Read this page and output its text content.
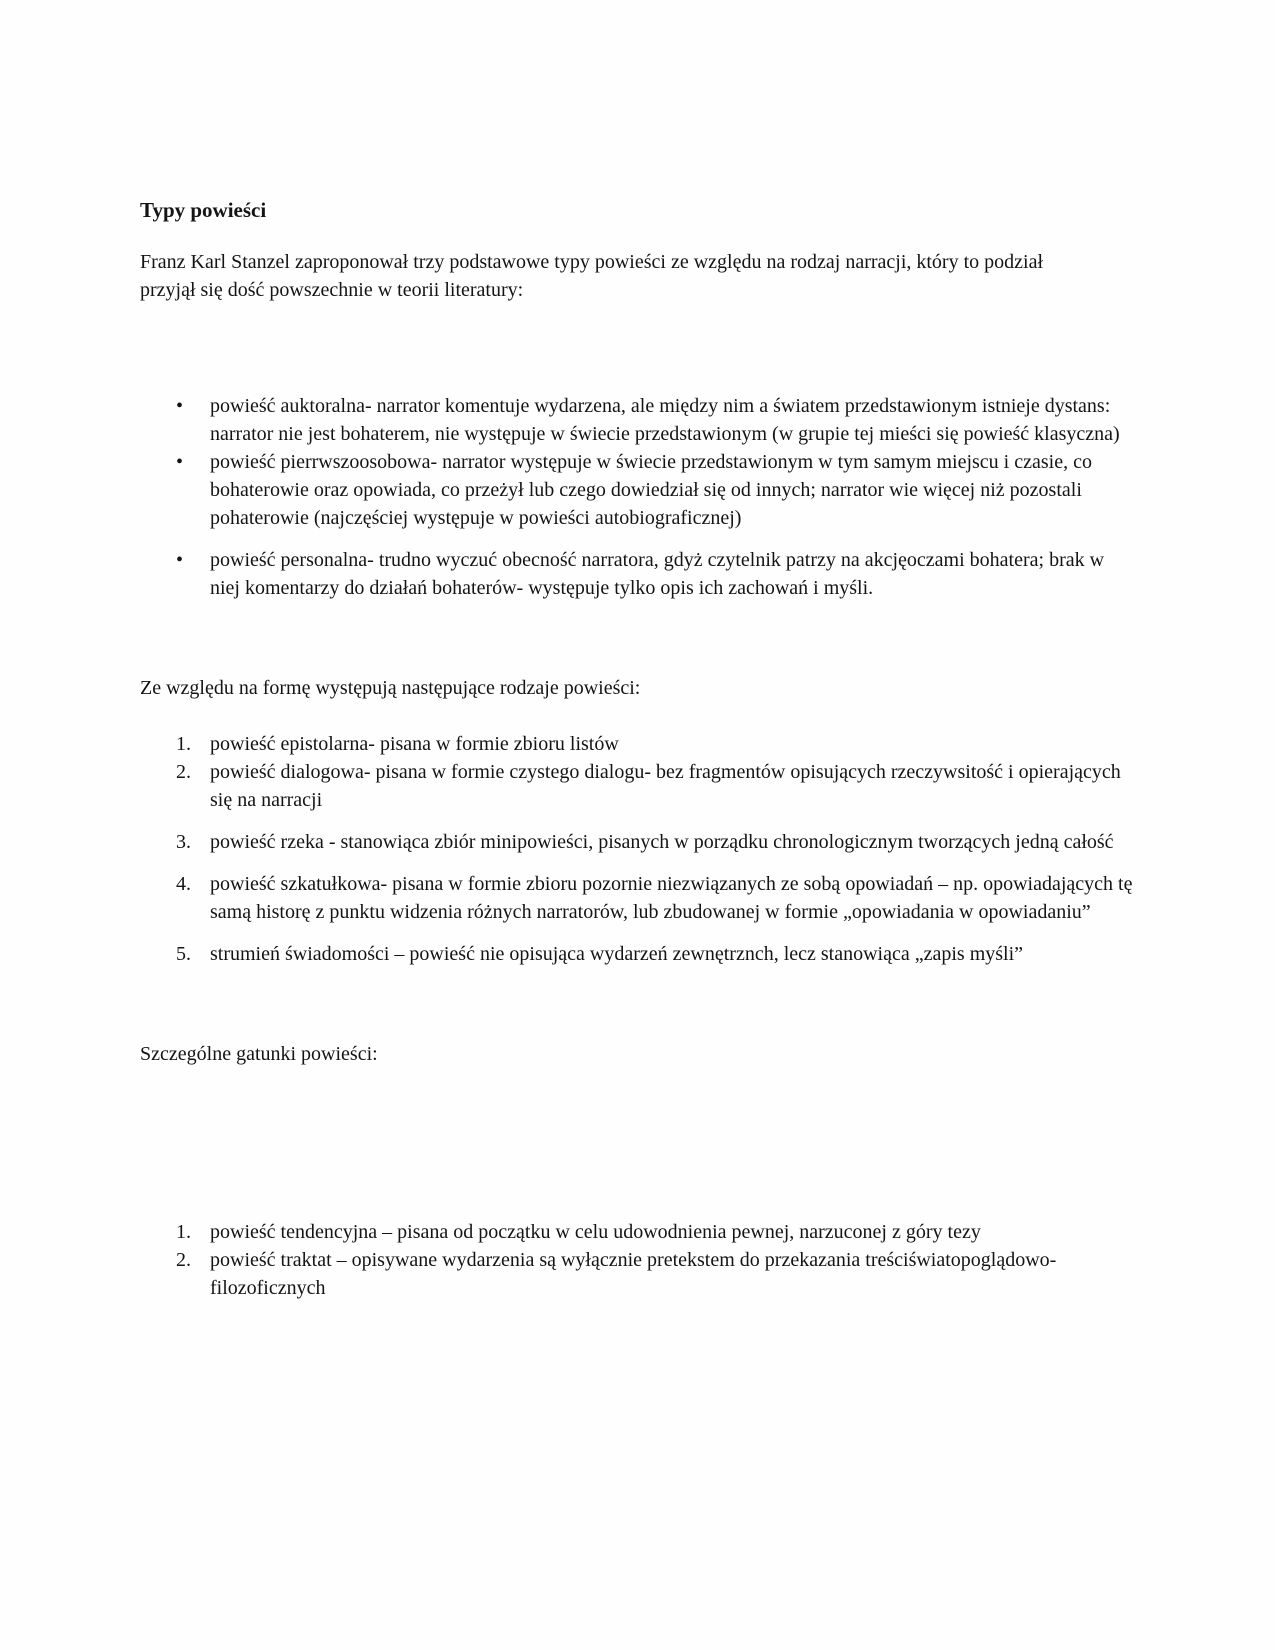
Typy powieści

Franz Karl Stanzel zaproponował trzy podstawowe typy powieści ze względu na rodzaj narracji, który to podział przyjął się dość powszechnie w teorii literatury:

•	powieść auktoralna- narrator komentuje wydarzena, ale między nim a światem przedstawionym istnieje dystans: narrator nie jest bohaterem, nie występuje w świecie przedstawionym (w grupie tej mieści się powieść klasyczna)
•	powieść pierrwszoosobowa- narrator występuje w świecie przedstawionym w tym samym miejscu i czasie, co bohaterowie oraz opowiada, co przeżył lub czego dowiedział się od innych; narrator wie więcej niż pozostali pohaterowie (najczęściej występuje w powieści autobiograficznej)
•	powieść personalna- trudno wyczuć obecność narratora, gdyż czytelnik patrzy na akcjęoczami bohatera; brak w niej komentarzy do działań bohaterów- występuje tylko opis ich zachowań i myśli.

Ze względu na formę występują następujące rodzaje powieści:

1. powieść epistolarna- pisana w formie zbioru listów
2. powieść dialogowa- pisana w formie czystego dialogu- bez fragmentów opisujących rzeczywsitość i opierających się na narracji
3. powieść rzeka - stanowiąca zbiór minipowieści, pisanych w porządku chronologicznym tworzących jedną całość
4. powieść szkatułkowa- pisana w formie zbioru pozornie niezwiązanych ze sobą opowiadań – np. opowiadających tę samą historę z punktu widzenia różnych narratorów, lub zbudowanej w formie „opowiadania w opowiadaniu”
5. strumień świadomości – powieść nie opisująca wydarzeń zewnętrznch, lecz stanowiąca „zapis myśli”

Szczególne gatunki powieści:

1. powieść tendencyjna – pisana od początku w celu udowodnienia pewnej, narzuconej z góry tezy
2. powieść traktat – opisywane wydarzenia są wyłącznie pretekstem do przekazania treściświatopoglądowo-filozoficznych
